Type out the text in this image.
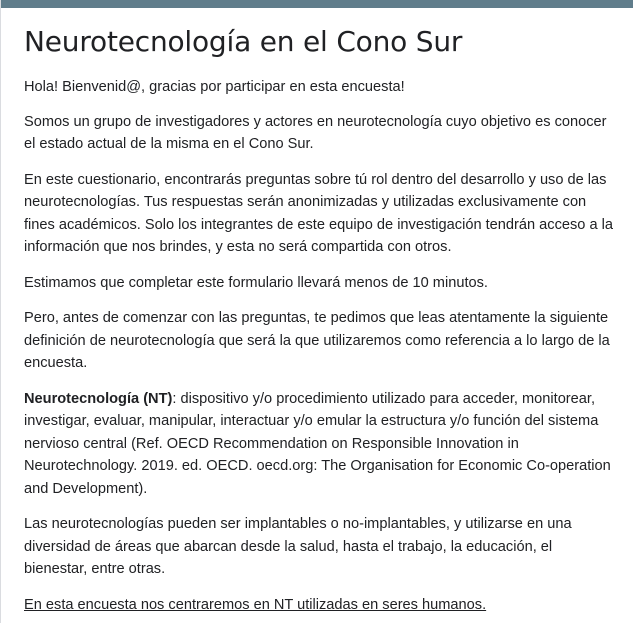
Neurotecnología en el Cono Sur

Hola! Bienvenid@, gracias por participar en esta encuesta!

Somos un grupo de investigadores y actores en neurotecnología cuyo objetivo es conocer el estado actual de la misma en el Cono Sur.

En este cuestionario, encontrarás preguntas sobre tú rol dentro del desarrollo y uso de las neurotecnologías. Tus respuestas serán anonimizadas y utilizadas exclusivamente con fines académicos. Solo los integrantes de este equipo de investigación tendrán acceso a la información que nos brindes, y esta no será compartida con otros.

Estimamos que completar este formulario llevará menos de 10 minutos.

Pero, antes de comenzar con las preguntas, te pedimos que leas atentamente la siguiente definición de neurotecnología que será la que utilizaremos como referencia a lo largo de la encuesta.

Neurotecnología (NT): dispositivo y/o procedimiento utilizado para acceder, monitorear, investigar, evaluar, manipular, interactuar y/o emular la estructura y/o función del sistema nervioso central (Ref. OECD Recommendation on Responsible Innovation in Neurotechnology. 2019. ed. OECD. oecd.org: The Organisation for Economic Co-operation and Development).

Las neurotecnologías pueden ser implantables o no-implantables, y utilizarse en una diversidad de áreas que abarcan desde la salud, hasta el trabajo, la educación, el bienestar, entre otras.

En esta encuesta nos centraremos en NT utilizadas en seres humanos.
